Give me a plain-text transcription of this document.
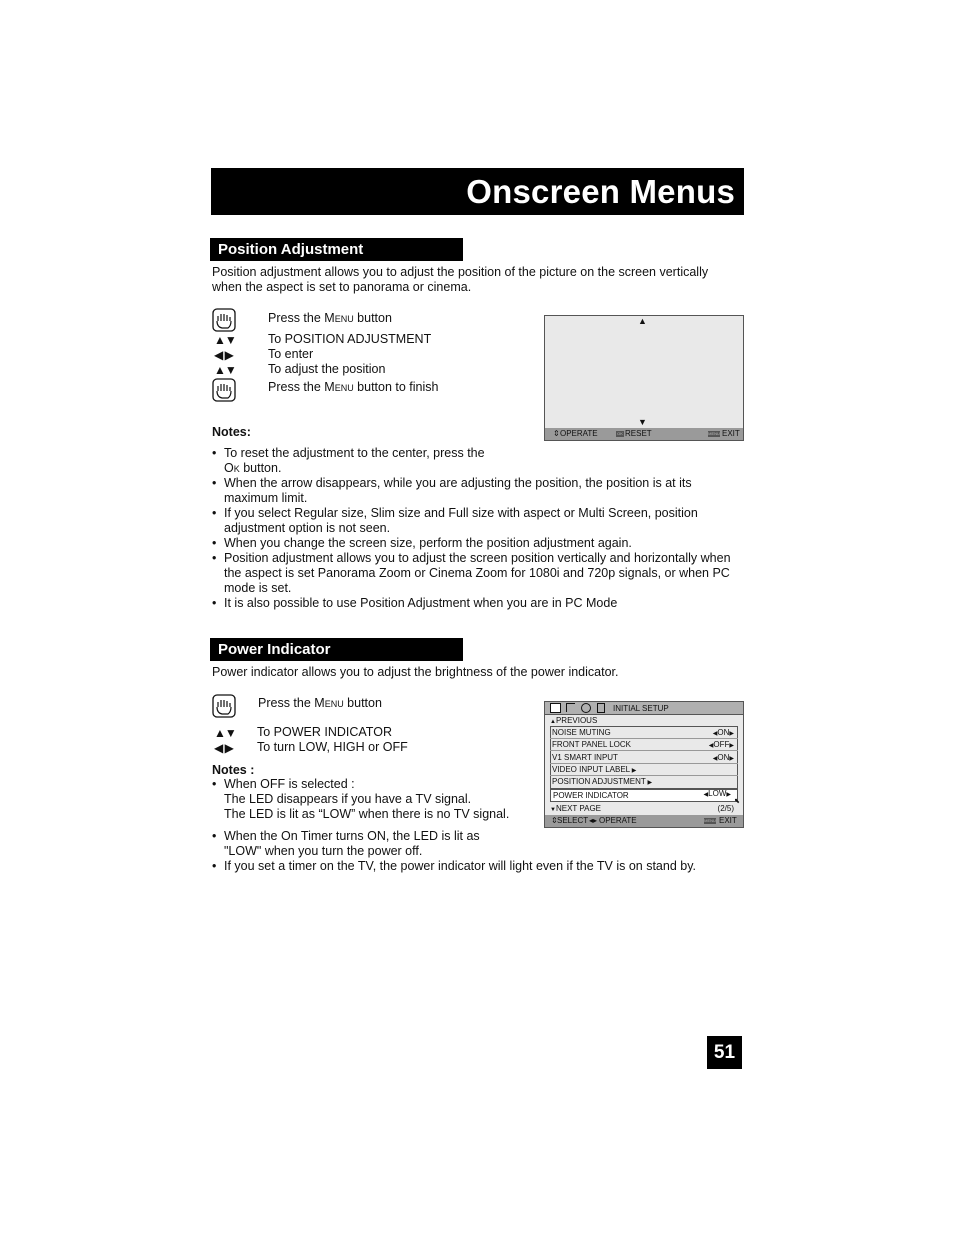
Onscreen Menus
Position Adjustment
Position adjustment allows you to adjust the position of the picture on the screen vertically
when the aspect is set to panorama or cinema.
Press the Menu button
▲▼	To POSITION ADJUSTMENT
◀ ▶	To enter
▲▼	To adjust the position
Press the Menu button to finish
▲
▼
⇕ OPERATE	OK RESET	MENU EXIT
Notes:
• To reset the adjustment to the center, press the
Ok button.
• When the arrow disappears, while you are adjusting the position, the position is at its
maximum limit.
• If you select Regular size, Slim size and Full size with aspect or Multi Screen, position
adjustment option is not seen.
• When you change the screen size, perform the position adjustment again.
• Position adjustment allows you to adjust the screen position vertically and horizontally when
the aspect is set Panorama Zoom or Cinema Zoom for 1080i and 720p signals, or when PC
mode is set.
• It is also possible to use Position Adjustment when you are in PC Mode
Power Indicator
Power indicator allows you to adjust the brightness of the power indicator.
Press the Menu button
▲▼ To POWER INDICATOR
◀ ▶ To turn LOW, HIGH or OFF
Notes :
• When OFF is selected :
The LED disappears if you have a TV signal.
The LED is lit as “LOW” when there is no TV signal.
• When the On Timer turns ON, the LED is lit as
"LOW" when you turn the power off.
• If you set a timer on the TV, the power indicator will light even if the TV is on stand by.
INITIAL SETUP
▲PREVIOUS
NOISE MUTING	◀ON▶
FRONT PANEL LOCK	◀OFF▶
V1 SMART INPUT	◀ON▶
VIDEO INPUT LABEL ▶
POSITION ADJUSTMENT ▶
POWER INDICATOR	◀LOW▶
⬉
▼NEXT PAGE	(2/5)
⇕ SELECT ◂▸ OPERATE	MENU EXIT
51
